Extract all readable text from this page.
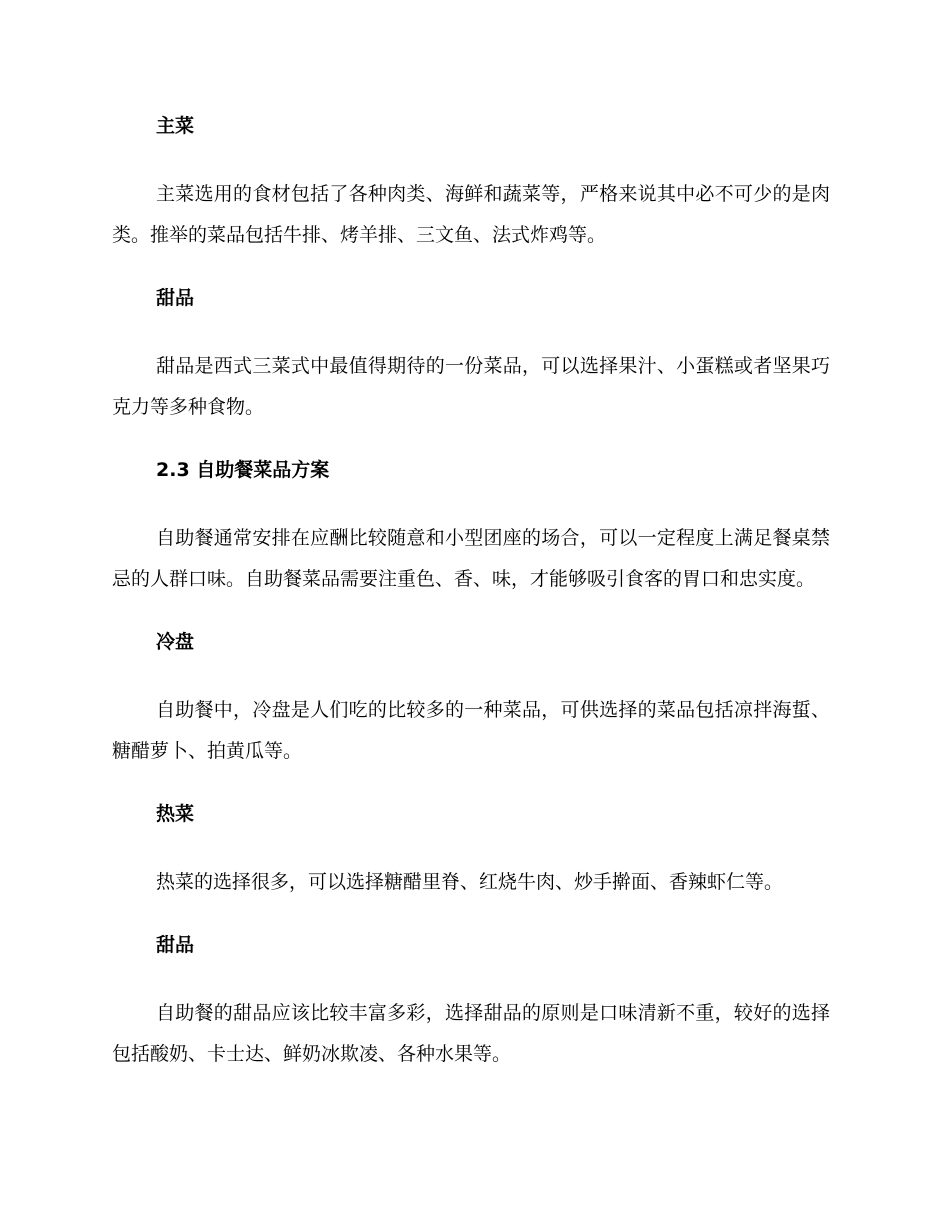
主菜

主菜选用的食材包括了各种肉类、海鲜和蔬菜等，严格来说其中必不可少的是肉类。推举的菜品包括牛排、烤羊排、三文鱼、法式炸鸡等。

甜品

甜品是西式三菜式中最值得期待的一份菜品，可以选择果汁、小蛋糕或者坚果巧克力等多种食物。

2.3 自助餐菜品方案

自助餐通常安排在应酬比较随意和小型团座的场合，可以一定程度上满足餐桌禁忌的人群口味。自助餐菜品需要注重色、香、味，才能够吸引食客的胃口和忠实度。

冷盘

自助餐中，冷盘是人们吃的比较多的一种菜品，可供选择的菜品包括凉拌海蜇、糖醋萝卜、拍黄瓜等。

热菜

热菜的选择很多，可以选择糖醋里脊、红烧牛肉、炒手擀面、香辣虾仁等。

甜品

自助餐的甜品应该比较丰富多彩，选择甜品的原则是口味清新不重，较好的选择包括酸奶、卡士达、鲜奶冰欺凌、各种水果等。
